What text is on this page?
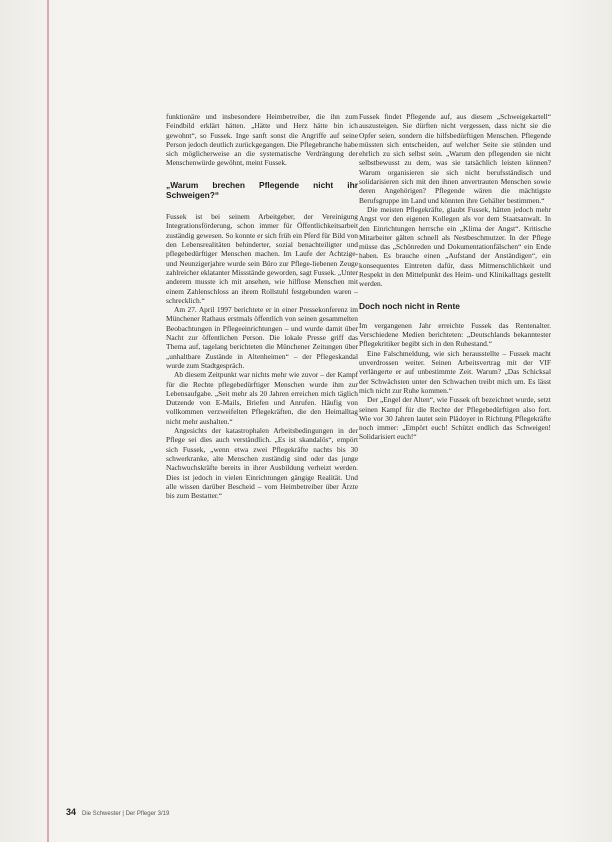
funktionäre und insbesondere Heimbetreiber, die ihn zum Feindbild erklärt hätten. „Hätte und Herz hätte bin ich gewohnt“, so Fussek. Inge sanft sonst die Angriffe auf seine Person jedoch deutlich zurückgegangen. Die Pflegebranche habe sich möglicherweise an die systematische Verdrängung der Menschenwürde gewöhnt, meint Fussek.

„Warum brechen Pflegende nicht ihr Schweigen?“

Fussek ist bei seinem Arbeitgeber, der Vereinigung Integrationsförderung, schon immer für Öffentlichkeitsarbeit zuständig gewesen. So konnte er sich früh ein Pferd für Bild von den Lebensrealitäten behinderter, sozial benachteiligter und pflegebedürftiger Menschen machen. Im Laufe der Achtzige- und Neunzigerjahre wurde sein Büro zur Pflege-liebenen Zeuge zahlreicher eklatanter Missstände geworden, sagt Fussek. „Unter anderem musste ich mit ansehen, wie hilflose Menschen mit einem Zahlenschloss an ihrem Rollstuhl festgebunden waren – schrecklich.“

Am 27. April 1997 berichtete er in einer Pressekonferenz im Münchener Rathaus erstmals öffentlich von seinen gesammelten Beobachtungen in Pflegeeinrichtungen – und wurde damit über Nacht zur öffentlichen Person. Die lokale Presse griff das Thema auf, tagelang berichteten die Münchener Zeitungen über „unhaltbare Zustände in Altenheimen“ – der Pflegeskandal wurde zum Stadtgespräch.

Ab diesem Zeitpunkt war nichts mehr wie zuvor – der Kampf für die Rechte pflegebedürftiger Menschen wurde ihm zur Lebensaufgabe. „Seit mehr als 20 Jahren erreichen mich täglich Dutzende von E-Mails, Briefen und Anrufen. Häufig von vollkommen verzweifelten Pflegekräften, die den Heimalltag nicht mehr aushalten.“

Angesichts der katastrophalen Arbeitsbedingungen in der Pflege sei dies auch verständlich. „Es ist skandalös“, empört sich Fussek, „wenn etwa zwei Pflegekräfte nachts bis 30 schwerkranke, alte Menschen zuständig sind oder das junge Nachwuchskräfte bereits in ihrer Ausbildung verheizt werden. Dies ist jedoch in vielen Einrichtungen gängige Realität. Und alle wissen darüber Bescheid – vom Heimbetreiber über Ärzte bis zum Bestatter.“

Fussek findet Pflegende auf, aus diesem „Schweigekartell“ auszusteigen. Sie dürften nicht vergessen, dass nicht sie die Opfer seien, sondern die hilfsbedürftigen Menschen. Pflegende müssten sich entscheiden, auf welcher Seite sie stünden und ehrlich zu sich selbst sein. „Warum den pflegenden sie nicht selbstbewusst zu dem, was sie tatsächlich leisten können? Warum organisieren sie sich nicht berufsständisch und solidarisieren sich mit den ihnen anvertrauten Menschen sowie deren Angehörigen? Pflegende wären die mächtigste Berufsgruppe im Land und könnten ihre Gehälter bestimmen.“

Die meisten Pflegekräfte, glaubt Fussek, hätten jedoch mehr Angst vor den eigenen Kollegen als vor dem Staatsanwalt. In den Einrichtungen herrsche ein „Klima der Angst“. Kritische Mitarbeiter gälten schnell als Nestbeschmutzer. In der Pflege müsse das „Schönreden und Dokumentationfälschen“ ein Ende haben. Es brauche einen „Aufstand der Anständigen“, ein konsequentes Eintreten dafür, dass Mitmenschlichkeit und Respekt in den Mittelpunkt des Heim- und Klinikalltags gestellt werden.

Doch noch nicht in Rente

Im vergangenen Jahr erreichte Fussek das Rentenalter. Verschiedene Medien berichteten: „Deutschlands bekanntester Pflegekritiker begibt sich in den Ruhestand.“

Eine Falschmeldung, wie sich herausstellte – Fussek macht unverdrossen weiter. Seinen Arbeitsvertrag mit der VIF verlängerte er auf unbestimmte Zeit. Warum? „Das Schicksal der Schwächsten unter den Schwachen treibt mich um. Es lässt mich nicht zur Ruhe kommen.“

Der „Engel der Alten“, wie Fussek oft bezeichnet wurde, setzt seinen Kampf für die Rechte der Pflegebedürftigen also fort. Wie vor 30 Jahren lautet sein Plädoyer in Richtung Pflegekräfte noch immer: „Empört euch! Schützt endlich das Schweigen! Solidarisiert euch!“

34 Die Schwester | Der Pfleger 3/19
